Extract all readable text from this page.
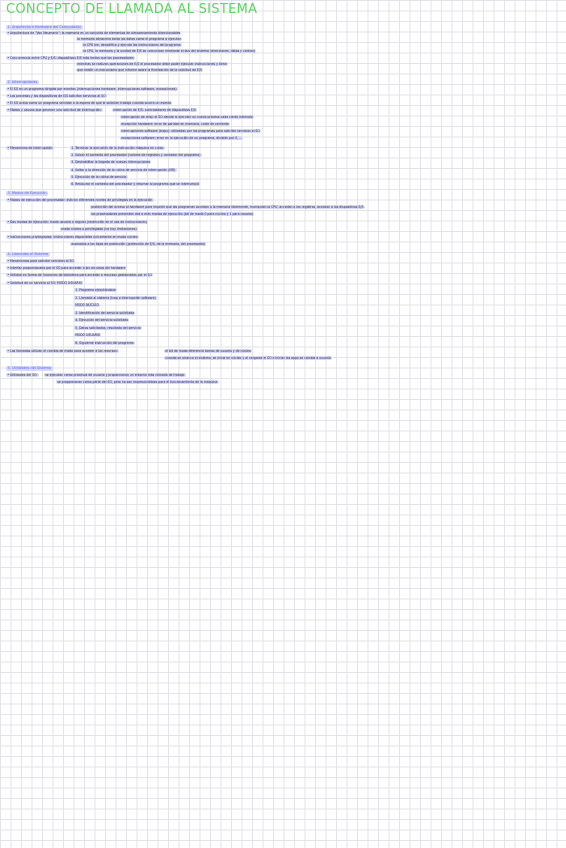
CONCEPTO DE LLAMADA AL SISTEMA
1. Arquitectura Hardware del Computador
• Arquitectura de "Von Neumann": la memoria es un conjunto de elementos de almacenamiento direccionables
la memoria almacena tanto los datos como el programa a ejecutar
la CPU lee, decodifica y ejecuta las instrucciones del programa
la CPU, la memoria y la unidad de E/S se comunican mediante el bus del sistema (direcciones, datos y control)
• Concurrencia entre CPU y E/S: dispositivos E/S más lentos que los procesadores
mientras se realizan operaciones de E/S el procesador debe poder ejecutar instrucciones y tiene
que existir un mecanismo que informe sobre la finalización de la solicitud de E/S
2. Interrupciones
• El SO es un programa dirigido por eventos (interrupciones hardware, interrupciones software, excepciones)
• Los procesos y los dispositivos de E/S solicitan servicios al SO
• El SO actúa como un programa servidor a la espera de que le soliciten trabajo cuando ocurra un evento
• Modos y causas que generan una solicitud de interrupción:	interrupción de E/S: controladores de dispositivos E/S
interrupción de reloj: el SO decide si ejecutar un nuevo proceso cada cierto intervalo
excepción hardware: error de paridad en memoria, corte de corriente
interrupciones software (traps): utilizadas por los programas para solicitar servicios al SO
excepciones software: error en la ejecución de un programa, división por 0, ...
• Mecanismo de interrupción:	1. Terminar la ejecución de la instrucción máquina en curso
2. Salvar el contexto del procesador (valores de registros y contador del programa)
3. Deshabilitar la llegada de nuevas interrupciones
4. Saltar a la dirección de la rutina de servicio de interrupción (ISR)
5. Ejecución de la rutina de servicio
6. Restaurar el contexto del procesador y retornar al programa que se interrumpió
3. Modos de Ejecución
• Modos de ejecución del procesador: indican diferentes niveles de privilegios en la ejecución
protección del acceso al hardware para impedir que los programas accedan a la memoria libremente, manipulen la CPU, accedan a los registros, accedan a los dispositivos E/S
los procesadores presentan dos o más modos de ejecución (bit de modo 0 para núcleo y 1 para usuario)
• Dos modos de ejecución: modo usuario o regular (restricción en el uso de instrucciones)
modo núcleo o privilegiado (no hay limitaciones)
• Instrucciones privilegiadas: instrucciones disponibles únicamente en modo núcleo
asociadas a los tipos de protección (protección de E/S, de la memoria, del procesador)
4. Llamadas al Sistema
• Mecanismos para solicitar servicios al SO
• Interfaz proporcionada por el SO para acceder a los recursos del hardware
• Utilidad en forma de funciones de biblioteca para acceder a recursos gestionados por el SO
• Solicitud de un servicio al SO: MODO USUARIO
1. Programa ejecutándose
2. Llamada al sistema (trap o interrupción software)
MODO NÚCLEO
3. Identificación del servicio solicitado
4. Ejecución del servicio solicitado
5. Datos solicitados, resultado del servicio
MODO USUARIO
6. Siguiente instrucción del programa
• Las llamadas utilizan el cambio de modo para acceder a los recursos:	el bit de modo diferencia tareas de usuario y de núcleo
cuando se arranca el sistema, se inicia en núcleo y al cargarse el SO e iniciar las apps se cambia a usuario
5. Utilidades del Sistema
• Utilidades del SO:	se ejecutan como procesos de usuario y proporcionan un entorno más cómodo de trabajo
se proporcionan como parte del SO, pero no son imprescindibles para el funcionamiento de la máquina
